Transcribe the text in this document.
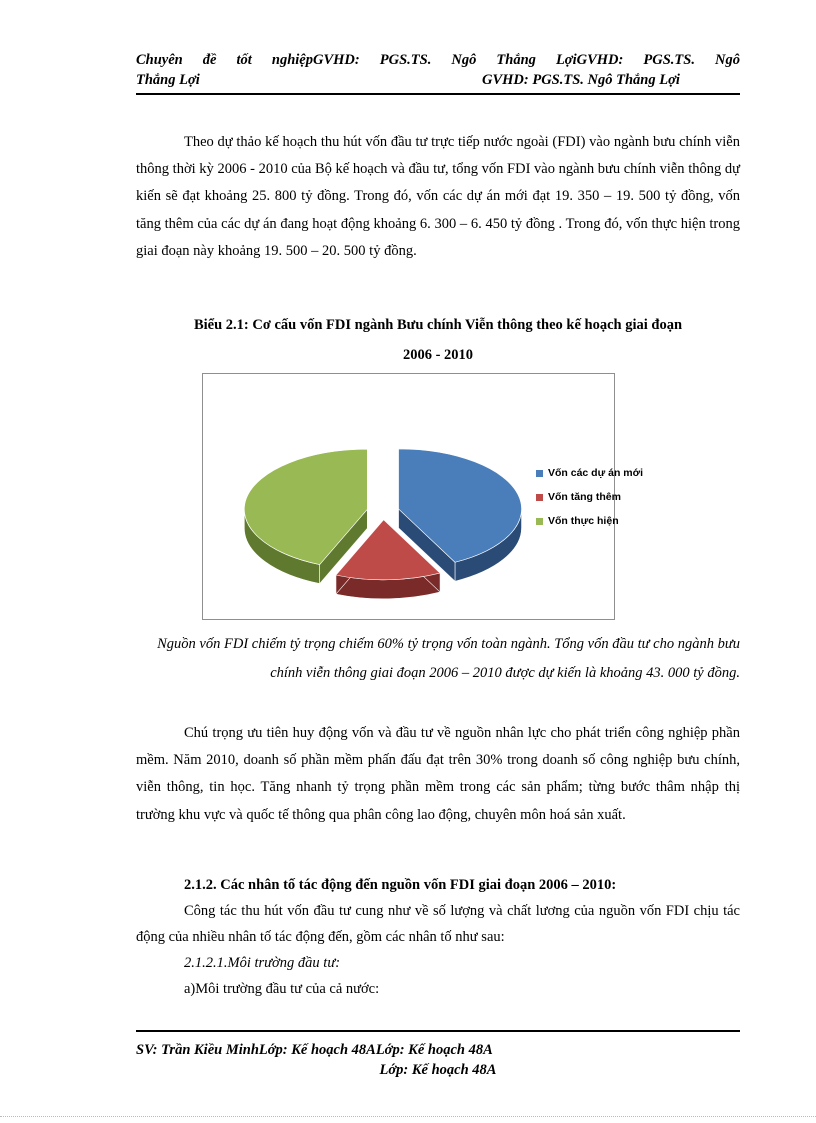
Chuyên đề tốt nghiệpGVHD: PGS.TS. Ngô Thắng LợiGVHD: PGS.TS. Ngô
Thắng Lợi	GVHD: PGS.TS. Ngô Thắng Lợi
Theo dự thảo kế hoạch thu hút vốn đầu tư trực tiếp nước ngoài (FDI) vào ngành bưu chính viễn thông thời kỳ 2006 - 2010 của Bộ kế hoạch và đầu tư, tổng vốn FDI vào ngành bưu chính viễn thông dự kiến sẽ đạt khoảng 25. 800 tỷ đồng. Trong đó, vốn các dự án mới đạt 19. 350 – 19. 500 tỷ đồng, vốn tăng thêm của các dự án đang hoạt động khoảng 6. 300 – 6. 450 tỷ đồng . Trong đó, vốn thực hiện trong giai đoạn này khoảng 19. 500 – 20. 500 tỷ đồng.
Biểu 2.1: Cơ cấu vốn FDI ngành Bưu chính Viễn thông theo kế hoạch giai đoạn
2006 - 2010
Vốn các dự án mới
Vốn tăng thêm
Vốn thực hiện
Nguồn vốn FDI chiếm tỷ trọng chiếm 60% tỷ trọng vốn toàn ngành. Tổng vốn đầu tư cho ngành bưu chính viễn thông giai đoạn 2006 – 2010 được dự kiến là khoảng 43. 000 tỷ đồng.
Chú trọng ưu tiên huy động vốn và đầu tư về nguồn nhân lực cho phát triển công nghiệp phần mềm. Năm 2010, doanh số phần mềm phấn đấu đạt trên 30% trong doanh số công nghiệp bưu chính, viễn thông, tin học. Tăng nhanh tỷ trọng phần mềm trong các sản phẩm; từng bước thâm nhập thị trường khu vực và quốc tế thông qua phân công lao động, chuyên môn hoá sản xuất.
2.1.2. Các nhân tố tác động đến nguồn vốn FDI giai đoạn 2006 – 2010:
Công tác thu hút vốn đầu tư cung như về số lượng và chất lương của nguồn vốn FDI chịu tác động của nhiều nhân tố tác động đến, gồm các nhân tố như sau:
2.1.2.1.Môi trường đầu tư:
a)Môi trường đầu tư của cả nước:
SV: Trần Kiều MinhLớp: Kế hoạch 48ALớp: Kế hoạch 48A
Lớp: Kế hoạch 48A
